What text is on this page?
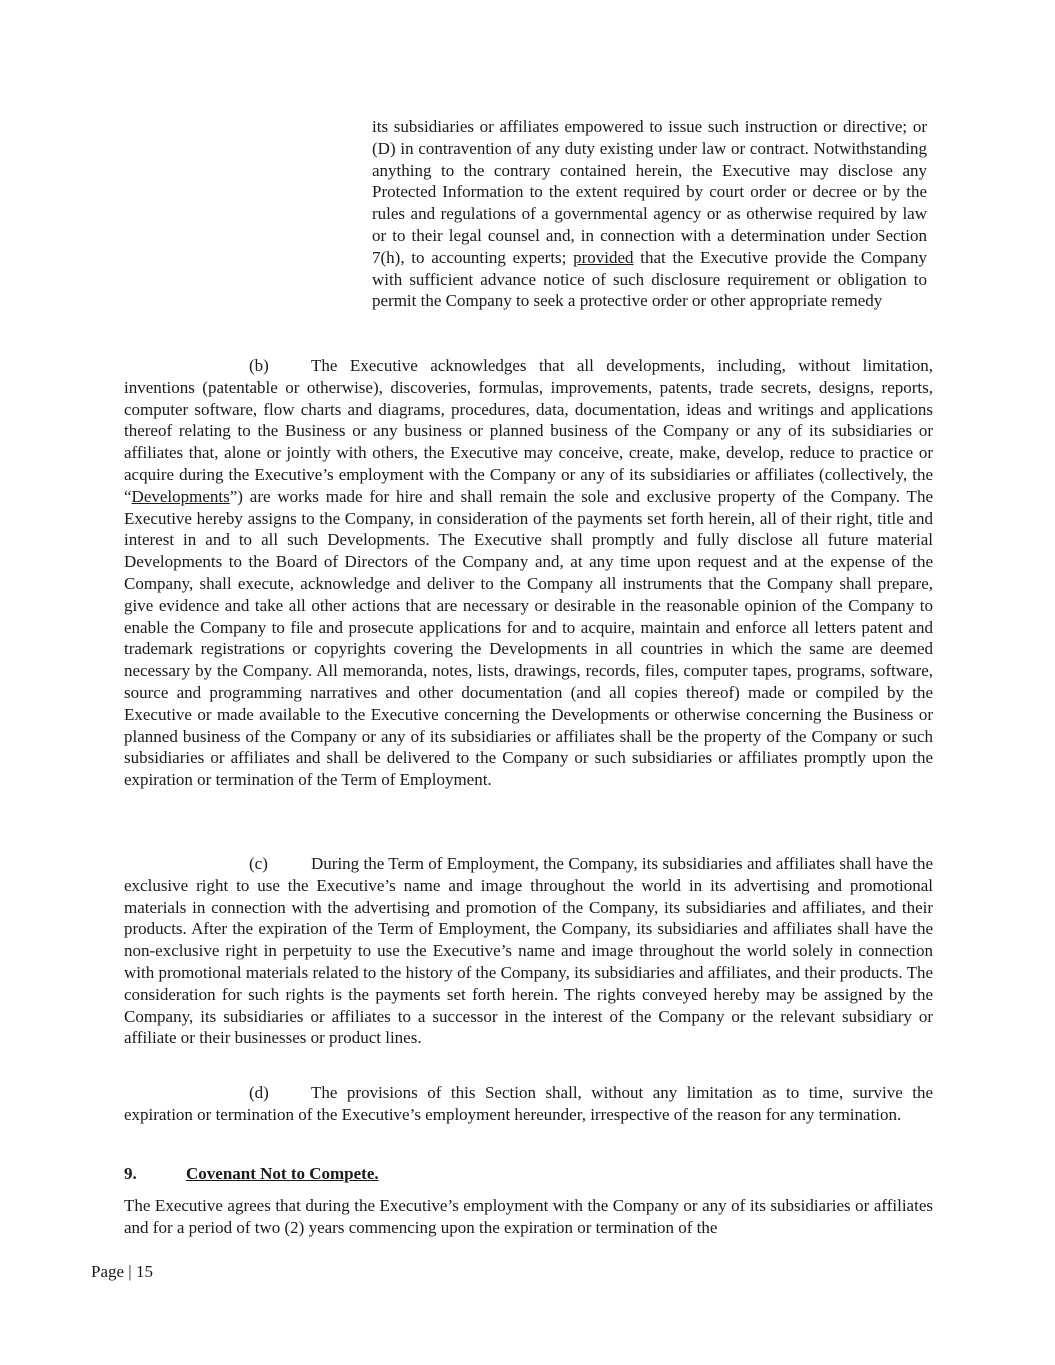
its subsidiaries or affiliates empowered to issue such instruction or directive; or (D) in contravention of any duty existing under law or contract. Notwithstanding anything to the contrary contained herein, the Executive may disclose any Protected Information to the extent required by court order or decree or by the rules and regulations of a governmental agency or as otherwise required by law or to their legal counsel and, in connection with a determination under Section 7(h), to accounting experts; provided that the Executive provide the Company with sufficient advance notice of such disclosure requirement or obligation to permit the Company to seek a protective order or other appropriate remedy

(b) The Executive acknowledges that all developments, including, without limitation, inventions (patentable or otherwise), discoveries, formulas, improvements, patents, trade secrets, designs, reports, computer software, flow charts and diagrams, procedures, data, documentation, ideas and writings and applications thereof relating to the Business or any business or planned business of the Company or any of its subsidiaries or affiliates that, alone or jointly with others, the Executive may conceive, create, make, develop, reduce to practice or acquire during the Executive’s employment with the Company or any of its subsidiaries or affiliates (collectively, the “Developments”) are works made for hire and shall remain the sole and exclusive property of the Company. The Executive hereby assigns to the Company, in consideration of the payments set forth herein, all of their right, title and interest in and to all such Developments. The Executive shall promptly and fully disclose all future material Developments to the Board of Directors of the Company and, at any time upon request and at the expense of the Company, shall execute, acknowledge and deliver to the Company all instruments that the Company shall prepare, give evidence and take all other actions that are necessary or desirable in the reasonable opinion of the Company to enable the Company to file and prosecute applications for and to acquire, maintain and enforce all letters patent and trademark registrations or copyrights covering the Developments in all countries in which the same are deemed necessary by the Company. All memoranda, notes, lists, drawings, records, files, computer tapes, programs, software, source and programming narratives and other documentation (and all copies thereof) made or compiled by the Executive or made available to the Executive concerning the Developments or otherwise concerning the Business or planned business of the Company or any of its subsidiaries or affiliates shall be the property of the Company or such subsidiaries or affiliates and shall be delivered to the Company or such subsidiaries or affiliates promptly upon the expiration or termination of the Term of Employment.

(c)	During the Term of Employment, the Company, its subsidiaries and affiliates shall have the exclusive right to use the Executive’s name and image throughout the world in its advertising and promotional materials in connection with the advertising and promotion of the Company, its subsidiaries and affiliates, and their products. After the expiration of the Term of Employment, the Company, its subsidiaries and affiliates shall have the non-exclusive right in perpetuity to use the Executive’s name and image throughout the world solely in connection with promotional materials related to the history of the Company, its subsidiaries and affiliates, and their products. The consideration for such rights is the payments set forth herein. The rights conveyed hereby may be assigned by the Company, its subsidiaries or affiliates to a successor in the interest of the Company or the relevant subsidiary or affiliate or their businesses or product lines.

(d) The provisions of this Section shall, without any limitation as to time, survive the expiration or termination of the Executive’s employment hereunder, irrespective of the reason for any termination.

9.	Covenant Not to Compete.

The Executive agrees that during the Executive’s employment with the Company or any of its subsidiaries or affiliates and for a period of two (2) years commencing upon the expiration or termination of the

Page | 15
